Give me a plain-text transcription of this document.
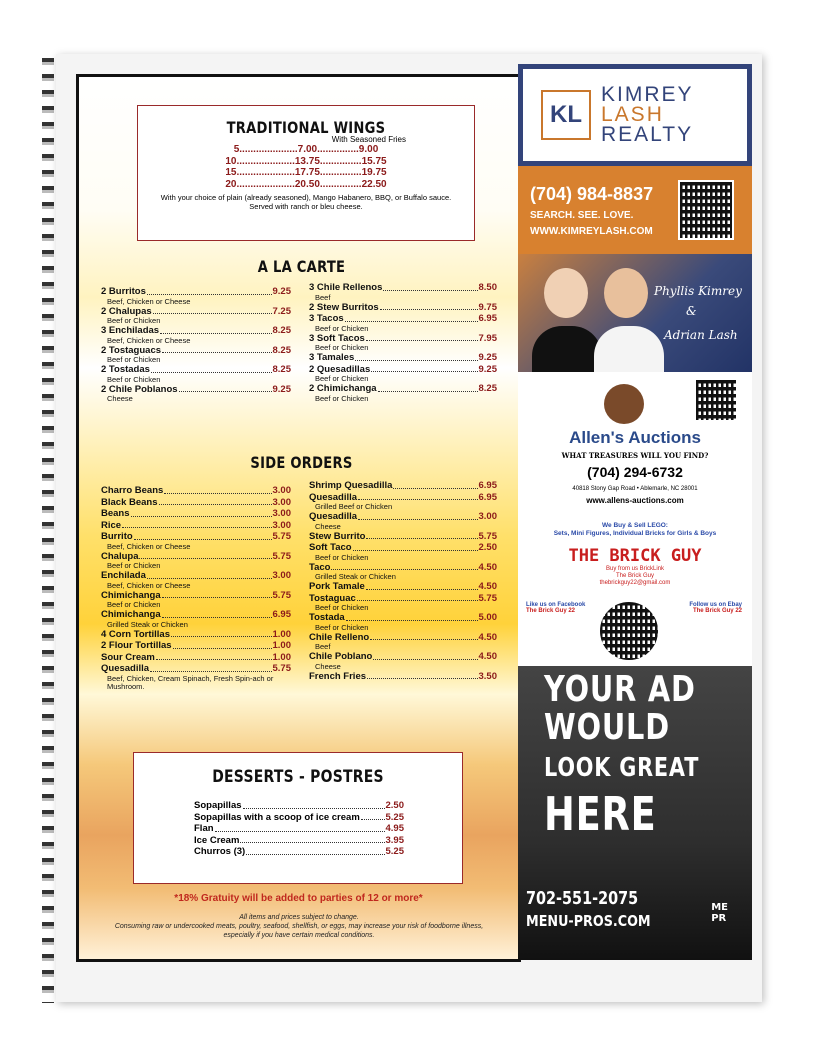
TRADITIONAL WINGS
With Seasoned Fries
5.....................7.00...............9.00
10.....................13.75...............15.75
15.....................17.75...............19.75
20.....................20.50...............22.50
With your choice of plain (already seasoned), Mango Habanero, BBQ, or Buffalo sauce. Served with ranch or bleu cheese.
A LA CARTE
2 Burritos	9.25
Beef, Chicken or Cheese
2 Chalupas	7.25
Beef or Chicken
3 Enchiladas	8.25
Beef, Chicken or Cheese
2 Tostaguacs	8.25
Beef or Chicken
2 Tostadas	8.25
Beef or Chicken
2 Chile Poblanos	9.25
Cheese
3 Chile Rellenos	8.50
Beef
2 Stew Burritos	9.75
3 Tacos	6.95
Beef or Chicken
3 Soft Tacos	7.95
Beef or Chicken
3 Tamales	9.25
2 Quesadillas	9.25
Beef or Chicken
2 Chimichanga	8.25
Beef or Chicken
SIDE ORDERS
Charro Beans	3.00
Black Beans	3.00
Beans	3.00
Rice	3.00
Burrito	5.75
Beef, Chicken or Cheese
Chalupa	5.75
Beef or Chicken
Enchilada	3.00
Beef, Chicken or Cheese
Chimichanga	5.75
Beef or Chicken
Chimichanga	6.95
Grilled Steak or Chicken
4 Corn Tortillas	1.00
2 Flour Tortillas	1.00
Sour Cream	1.00
Quesadilla	5.75
Beef, Chicken, Cream Spinach, Fresh Spin-ach or Mushroom.
Shrimp Quesadilla	6.95
Quesadilla	6.95
Grilled Beef or Chicken
Quesadilla	3.00
Cheese
Stew Burrito	5.75
Soft Taco	2.50
Beef or Chicken
Taco	4.50
Grilled Steak or Chicken
Pork Tamale	4.50
Tostaguac	5.75
Beef or Chicken
Tostada	5.00
Beef or Chicken
Chile Relleno	4.50
Beef
Chile Poblano	4.50
Cheese
French Fries	3.50
DESSERTS - POSTRES
Sopapillas	2.50
Sopapillas with a scoop of ice cream	5.25
Flan	4.95
Ice Cream	3.95
Churros (3)	5.25
*18% Gratuity will be added to parties of 12 or more*
All items and prices subject to change.
Consuming raw or undercooked meats, poultry, seafood, shellfish, or eggs, may increase your risk of foodborne illness, especially if you have certain medical conditions.
KL
KIMREY
LASH
REALTY
(704) 984-8837
SEARCH. SEE. LOVE.
WWW.KIMREYLASH.COM
Phyllis Kimrey
&
Adrian Lash
Allen's Auctions
WHAT TREASURES WILL YOU FIND?
(704) 294-6732
40818 Stony Gap Road • Ablemarle, NC 28001
www.allens-auctions.com
We Buy & Sell LEGO:
Sets, Mini Figures, Individual Bricks for Girls & Boys
THE BRICK GUY
Buy from us BrickLink
The Brick Guy
thebrickguy22@gmail.com
Like us on Facebook
The Brick Guy 22
Follow us on Ebay
The Brick Guy 22
YOUR AD
WOULD
LOOK GREAT
HERE
702-551-2075
MENU-PROS.COM
ME
PR
